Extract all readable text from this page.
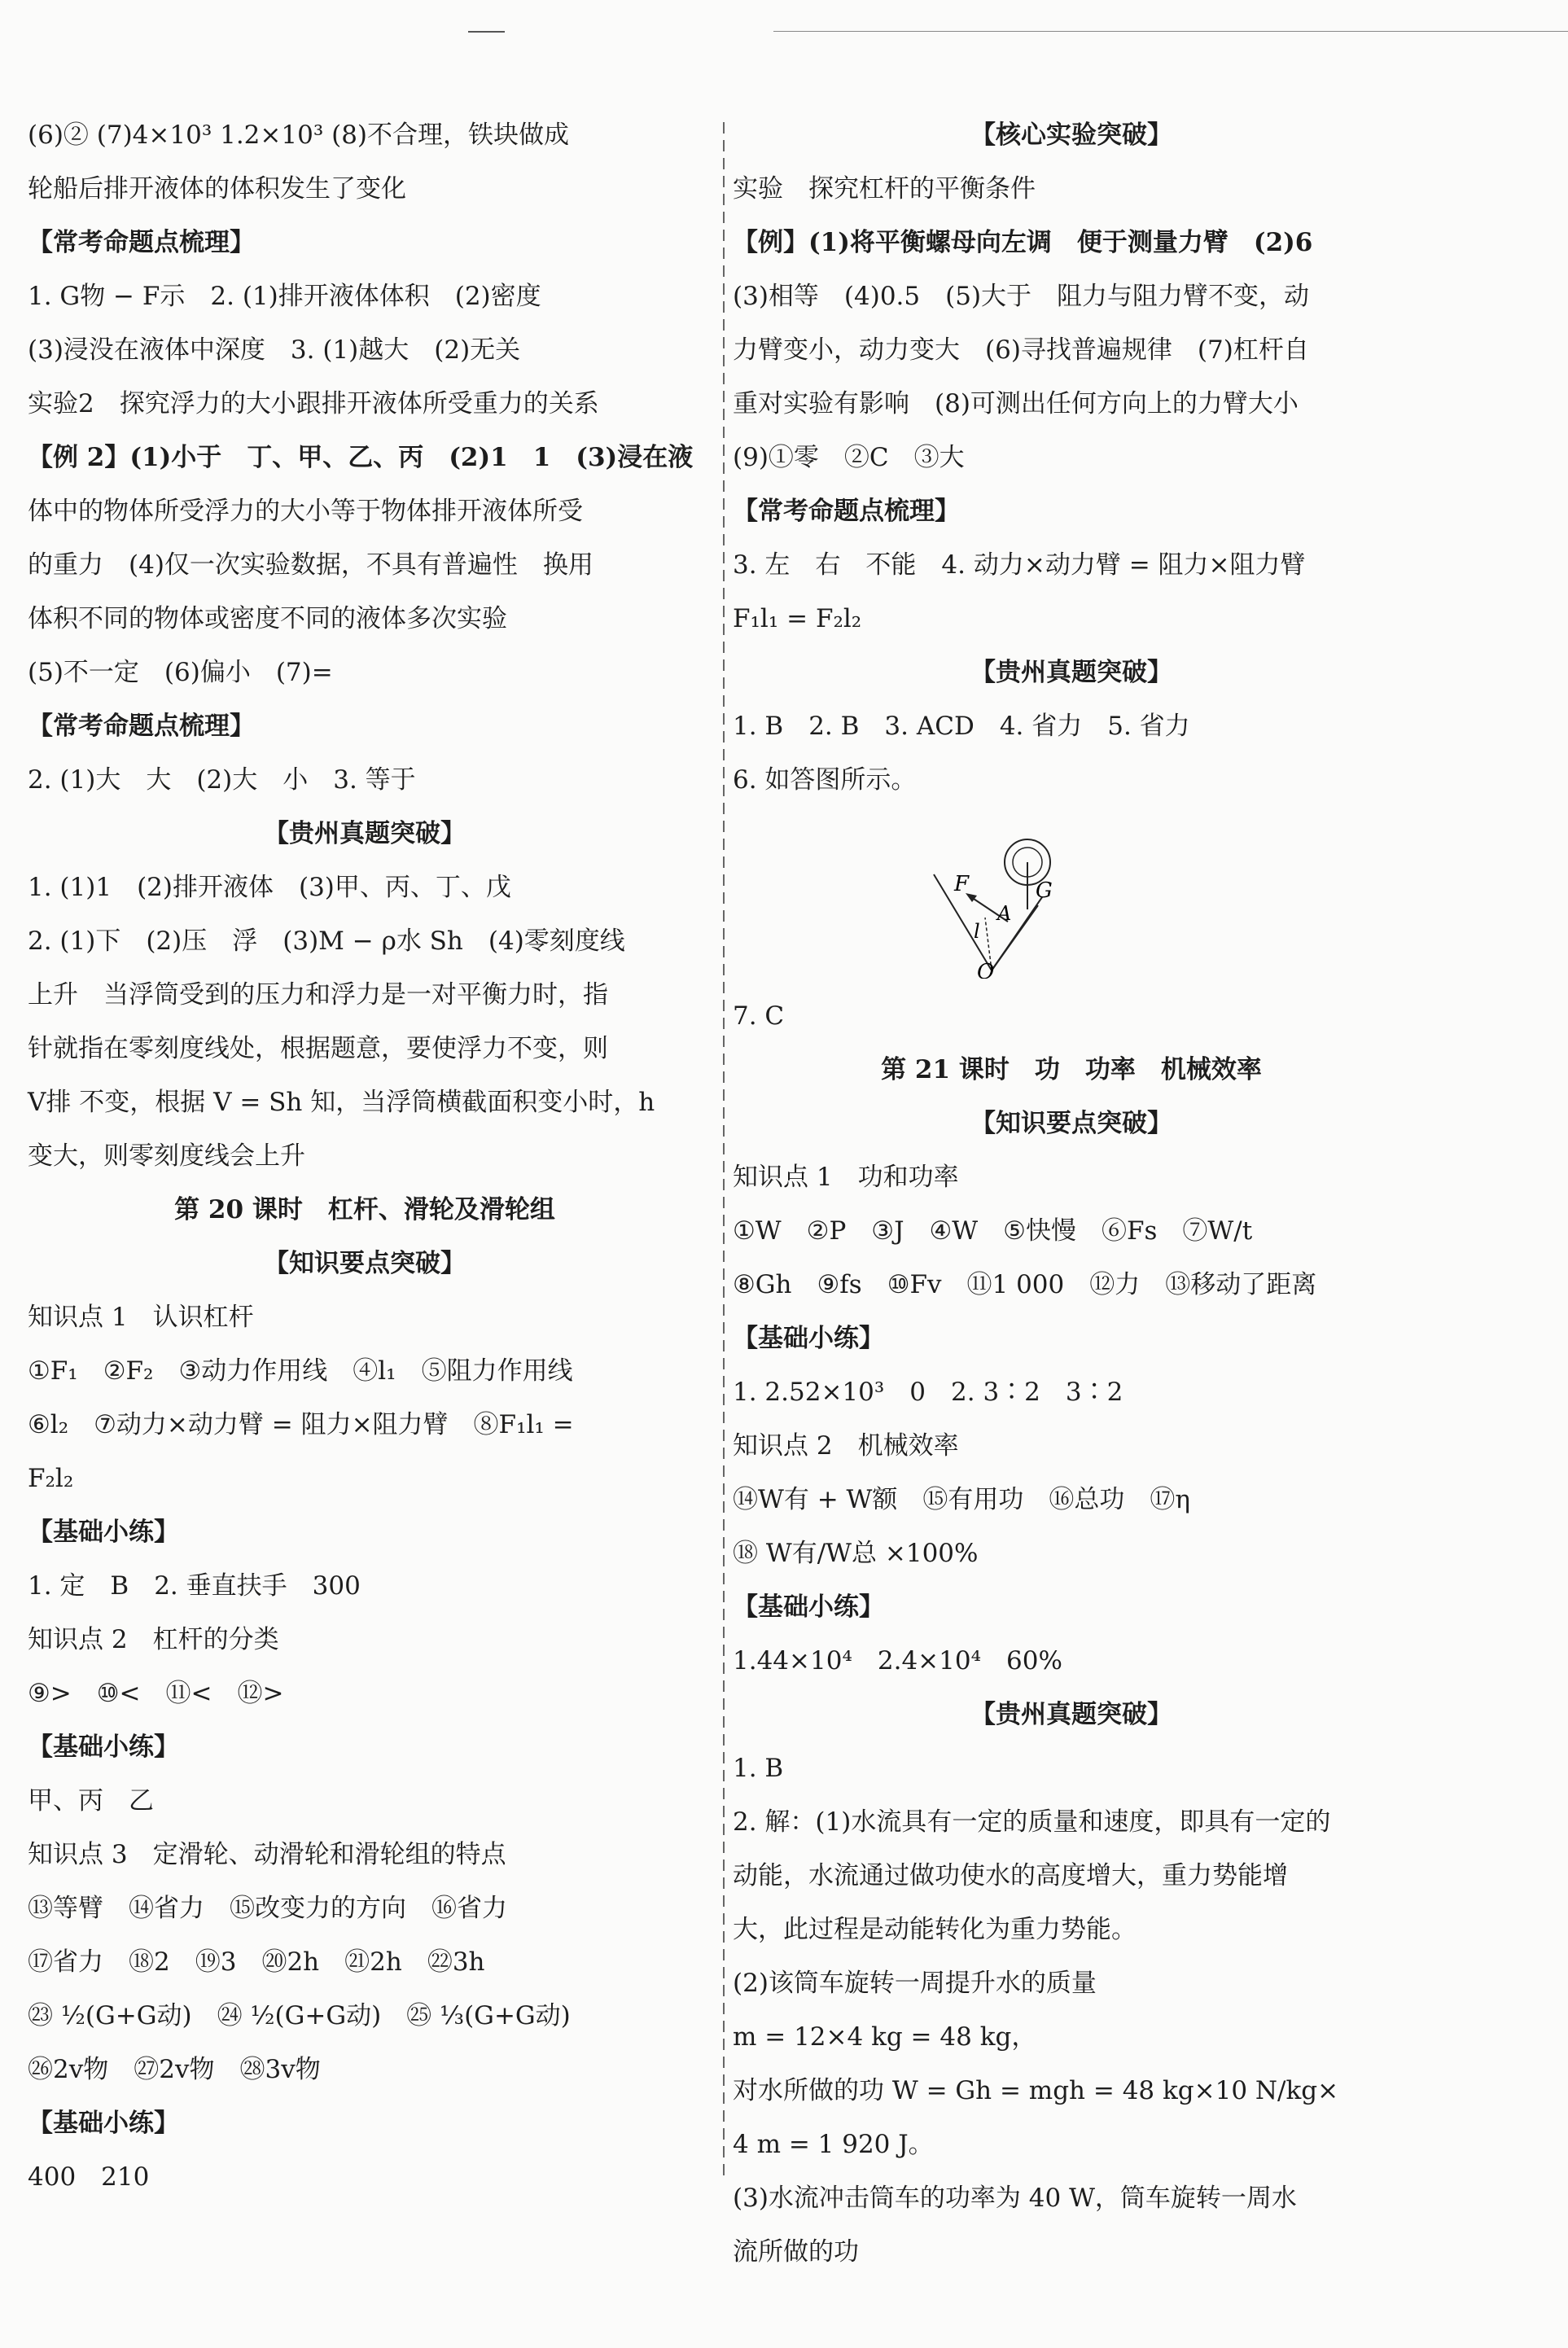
(6)② (7)4×10³ 1.2×10³ (8)不合理，铁块做成
轮船后排开液体的体积发生了变化
【常考命题点梳理】
1. G物 − F示　2. (1)排开液体体积　(2)密度
(3)浸没在液体中深度　3. (1)越大　(2)无关
实验2　探究浮力的大小跟排开液体所受重力的关系
【例 2】(1)小于　丁、甲、乙、丙　(2)1　1　(3)浸在液
体中的物体所受浮力的大小等于物体排开液体所受
的重力　(4)仅一次实验数据，不具有普遍性　换用
体积不同的物体或密度不同的液体多次实验
(5)不一定　(6)偏小　(7)=
【常考命题点梳理】
2. (1)大　大　(2)大　小　3. 等于
【贵州真题突破】
1. (1)1　(2)排开液体　(3)甲、丙、丁、戊
2. (1)下　(2)压　浮　(3)M − ρ水 Sh　(4)零刻度线
上升　当浮筒受到的压力和浮力是一对平衡力时，指
针就指在零刻度线处，根据题意，要使浮力不变，则
V排 不变，根据 V = Sh 知，当浮筒横截面积变小时，h
变大，则零刻度线会上升
第 20 课时　杠杆、滑轮及滑轮组
【知识要点突破】
知识点 1　认识杠杆
①F₁　②F₂　③动力作用线　④l₁　⑤阻力作用线
⑥l₂　⑦动力×动力臂 = 阻力×阻力臂　⑧F₁l₁ =
F₂l₂
【基础小练】
1. 定　B　2. 垂直扶手　300
知识点 2　杠杆的分类
⑨>　⑩<　⑪<　⑫>
【基础小练】
甲、丙　乙
知识点 3　定滑轮、动滑轮和滑轮组的特点
⑬等臂　⑭省力　⑮改变力的方向　⑯省力
⑰省力　⑱2　⑲3　⑳2h　㉑2h　㉒3h
㉓ ½(G+G动)　㉔ ½(G+G动)　㉕ ⅓(G+G动)
㉖2v物　㉗2v物　㉘3v物
【基础小练】
400　210
【核心实验突破】
实验　探究杠杆的平衡条件
【例】(1)将平衡螺母向左调　便于测量力臂　(2)6
(3)相等　(4)0.5　(5)大于　阻力与阻力臂不变，动
力臂变小，动力变大　(6)寻找普遍规律　(7)杠杆自
重对实验有影响　(8)可测出任何方向上的力臂大小
(9)①零　②C　③大
【常考命题点梳理】
3. 左　右　不能　4. 动力×动力臂 = 阻力×阻力臂
F₁l₁ = F₂l₂
【贵州真题突破】
1. B　2. B　3. ACD　4. 省力　5. 省力
6. 如答图所示。
F
A
G
l
O
7. C
第 21 课时　功　功率　机械效率
【知识要点突破】
知识点 1　功和功率
①W　②P　③J　④W　⑤快慢　⑥Fs　⑦W/t
⑧Gh　⑨fs　⑩Fv　⑪1 000　⑫力　⑬移动了距离
【基础小练】
1. 2.52×10³　0　2. 3∶2　3∶2
知识点 2　机械效率
⑭W有 + W额　⑮有用功　⑯总功　⑰η
⑱ W有/W总 ×100%
【基础小练】
1.44×10⁴　2.4×10⁴　60%
【贵州真题突破】
1. B
2. 解：(1)水流具有一定的质量和速度，即具有一定的
动能，水流通过做功使水的高度增大，重力势能增
大，此过程是动能转化为重力势能。
(2)该筒车旋转一周提升水的质量
m = 12×4 kg = 48 kg，
对水所做的功 W = Gh = mgh = 48 kg×10 N/kg×
4 m = 1 920 J。
(3)水流冲击筒车的功率为 40 W，筒车旋转一周水
流所做的功
